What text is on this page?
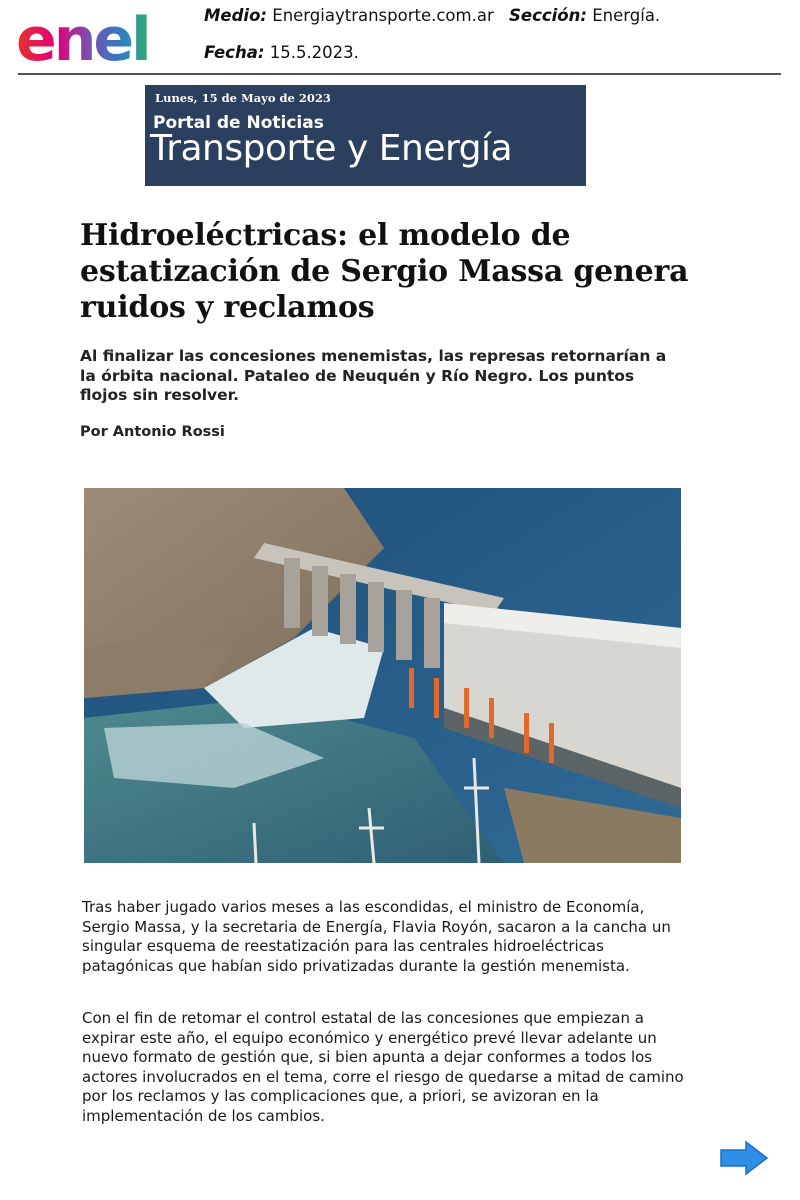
enel	Medio: Energiaytransporte.com.ar Sección: Energía.
Fecha: 15.5.2023.
Lunes, 15 de Mayo de 2023
Portal de Noticias
Transporte y Energía
Hidroeléctricas: el modelo de estatización de Sergio Massa genera ruidos y reclamos

Al finalizar las concesiones menemistas, las represas retornarían a la órbita nacional. Pataleo de Neuquén y Río Negro. Los puntos flojos sin resolver.

Por Antonio Rossi

Tras haber jugado varios meses a las escondidas, el ministro de Economía, Sergio Massa, y la secretaria de Energía, Flavia Royón, sacaron a la cancha un singular esquema de reestatización para las centrales hidroeléctricas patagónicas que habían sido privatizadas durante la gestión menemista.

Con el fin de retomar el control estatal de las concesiones que empiezan a expirar este año, el equipo económico y energético prevé llevar adelante un nuevo formato de gestión que, si bien apunta a dejar conformes a todos los actores involucrados en el tema, corre el riesgo de quedarse a mitad de camino por los reclamos y las complicaciones que, a priori, se avizoran en la implementación de los cambios.
